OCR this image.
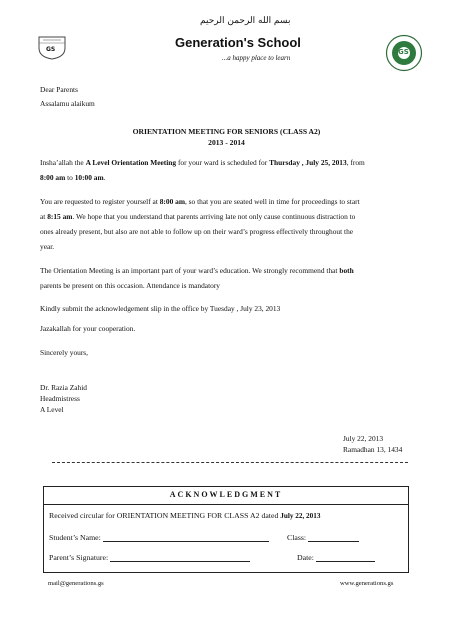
GS
بسم الله الرحمن الرحيم
Generation's School
...a happy place to learn
GS

Dear Parents

Assalamu alaikum

ORIENTATION MEETING FOR SENIORS (CLASS A2)
2013 - 2014

Insha’allah the A Level Orientation Meeting for your ward is scheduled for Thursday , July 25, 2013, from

8:00 am to 10:00 am.

You are requested to register yourself at 8:00 am, so that you are seated well in time for proceedings to start

at 8:15 am. We hope that you understand that parents arriving late not only cause continuous distraction to

ones already present, but also are not able to follow up on their ward’s progress effectively throughout the

year.

The Orientation Meeting is an important part of your ward’s education. We strongly recommend that both

parents be present on this occasion. Attendance is mandatory

Kindly submit the acknowledgement slip in the office by Tuesday , July 23, 2013

Jazakallah for your cooperation.

Sincerely yours,

Dr. Razia Zahid

Headmistress

A Level

July 22, 2013

Ramadhan 13, 1434

ACKNOWLEDGMENT
Received circular for ORIENTATION MEETING FOR CLASS A2 dated July 22, 2013
Student’s Name:	Class:
Parent’s Signature:	Date:
mail@generations.gs	www.generations.gs
